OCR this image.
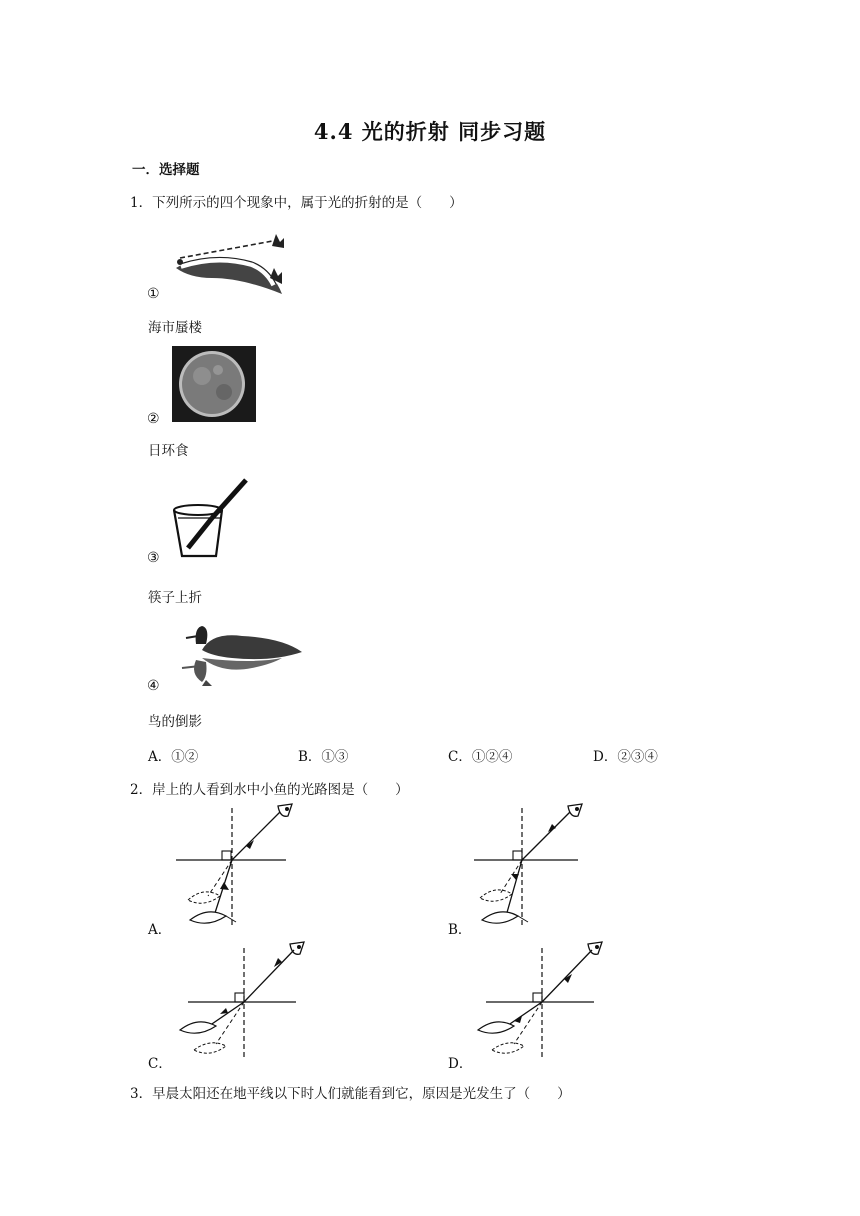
4.4 光的折射 同步习题
一．选择题
1．下列所示的四个现象中，属于光的折射的是（　　）
①
海市蜃楼
②
日环食
③
筷子上折
④
鸟的倒影
A．①②	B．①③	C．①②④	D．②③④
2．岸上的人看到水中小鱼的光路图是（　　）
A．	B．
C．	D．
3．早晨太阳还在地平线以下时人们就能看到它，原因是光发生了（　　）
